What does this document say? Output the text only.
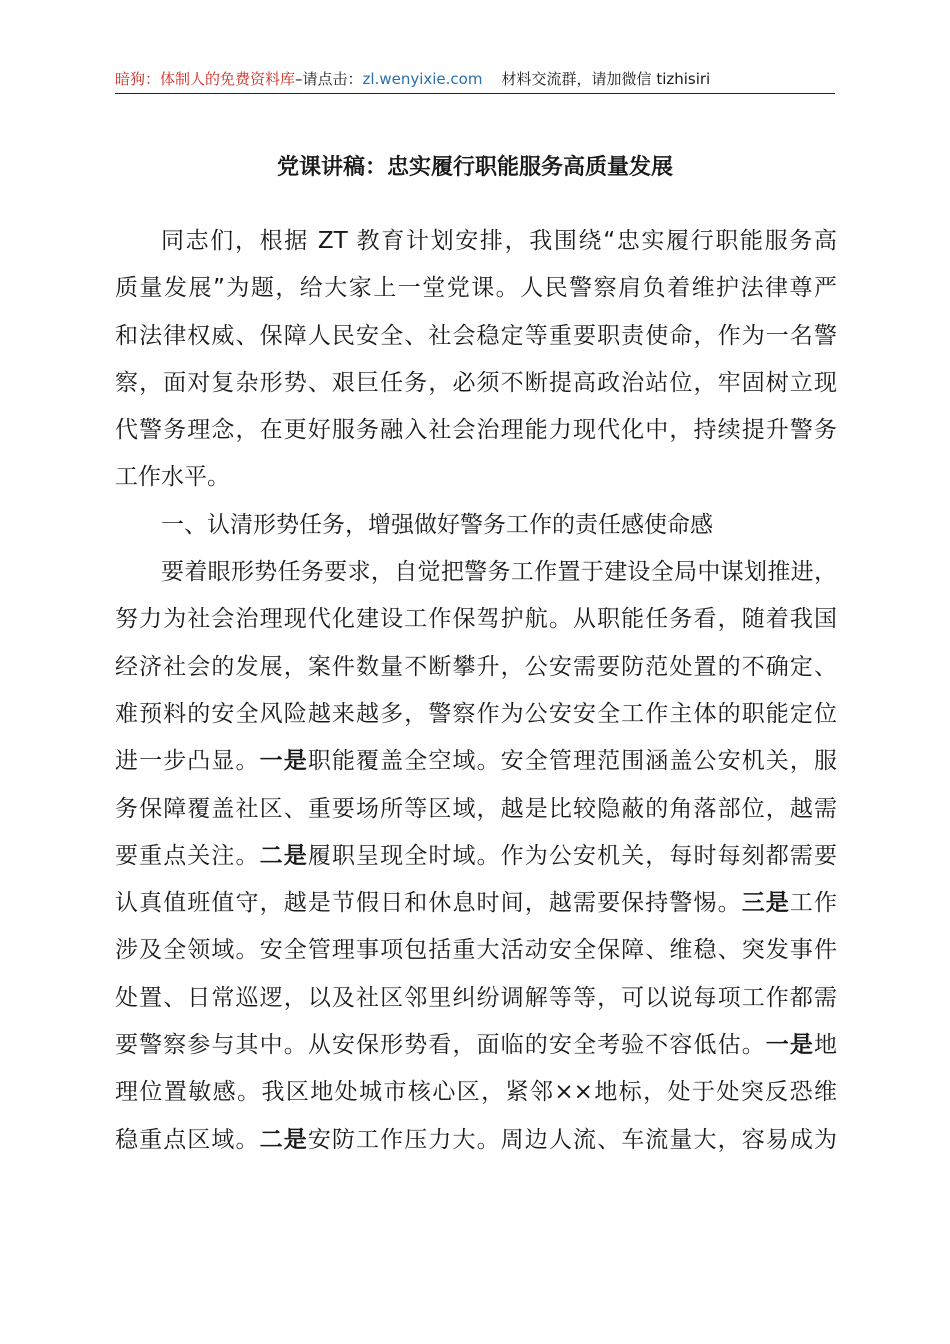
暗狗：体制人的免费资料库–请点击：zl.wenyixie.com 材料交流群，请加微信 tizhisiri
党课讲稿：忠实履行职能服务高质量发展
同志们，根据 ZT 教育计划安排，我围绕“忠实履行职能服务高
质量发展”为题，给大家上一堂党课。人民警察肩负着维护法律尊严
和法律权威、保障人民安全、社会稳定等重要职责使命，作为一名警
察，面对复杂形势、艰巨任务，必须不断提高政治站位，牢固树立现
代警务理念，在更好服务融入社会治理能力现代化中，持续提升警务
工作水平。
一、认清形势任务，增强做好警务工作的责任感使命感
要着眼形势任务要求，自觉把警务工作置于建设全局中谋划推进，
努力为社会治理现代化建设工作保驾护航。从职能任务看，随着我国
经济社会的发展，案件数量不断攀升，公安需要防范处置的不确定、
难预料的安全风险越来越多，警察作为公安安全工作主体的职能定位
进一步凸显。一是职能覆盖全空域。安全管理范围涵盖公安机关，服
务保障覆盖社区、重要场所等区域，越是比较隐蔽的角落部位，越需
要重点关注。二是履职呈现全时域。作为公安机关，每时每刻都需要
认真值班值守，越是节假日和休息时间，越需要保持警惕。三是工作
涉及全领域。安全管理事项包括重大活动安全保障、维稳、突发事件
处置、日常巡逻，以及社区邻里纠纷调解等等，可以说每项工作都需
要警察参与其中。从安保形势看，面临的安全考验不容低估。一是地
理位置敏感。我区地处城市核心区，紧邻××地标，处于处突反恐维
稳重点区域。二是安防工作压力大。周边人流、车流量大，容易成为
